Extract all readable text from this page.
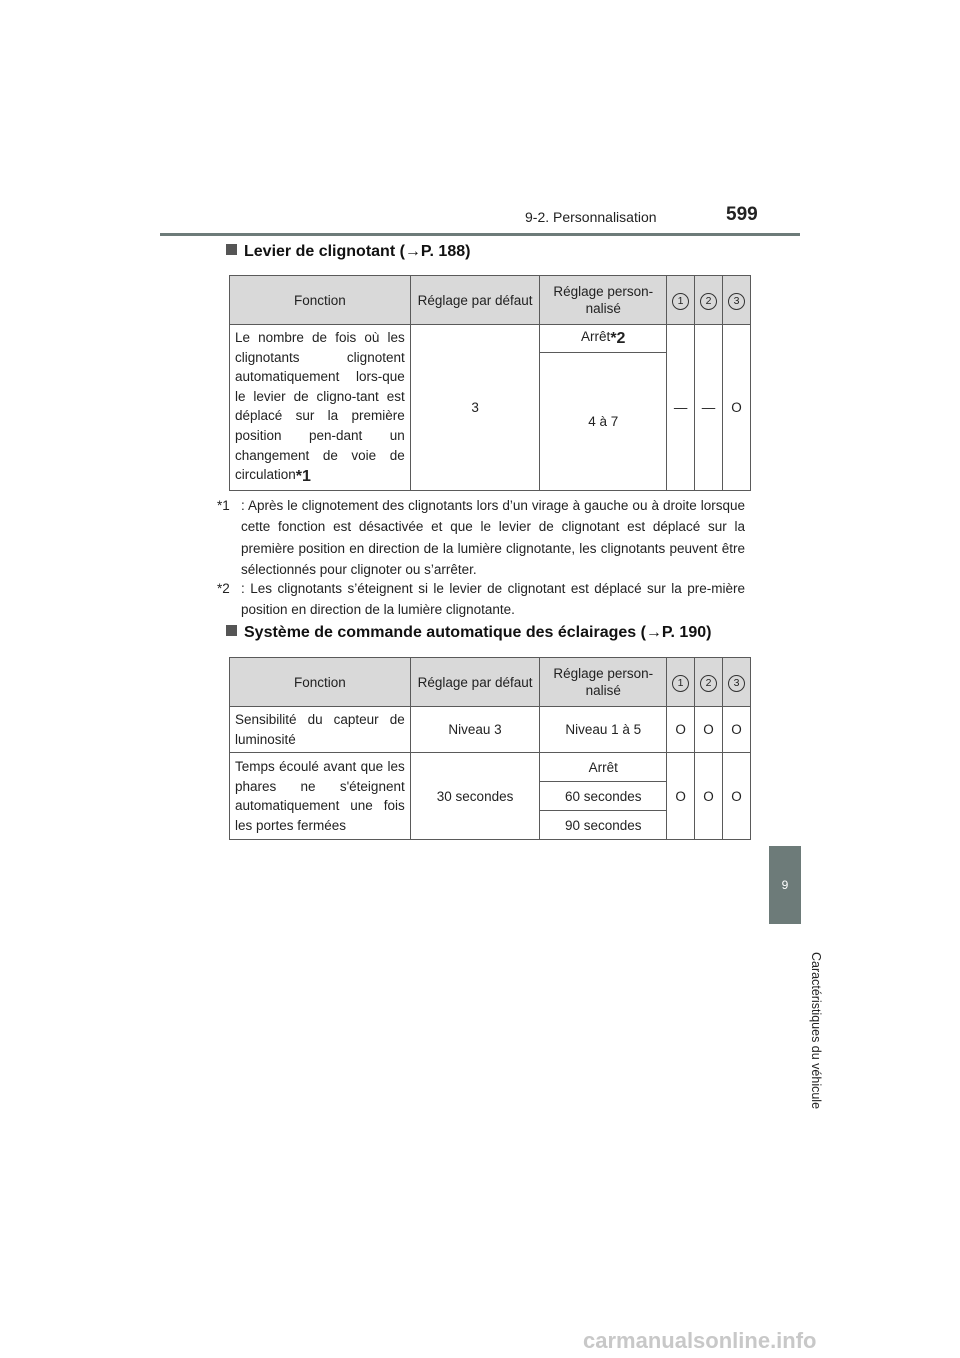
9-2. Personnalisation	599
9
Caractéristiques du véhicule
Levier de clignotant (→P. 188)
Fonction	Réglage par défaut	Réglage person-nalisé	1	2	3
Le nombre de fois où les clignotants clignotent automatiquement lors-que le levier de cligno-tant est déplacé sur la première position pen-dant un changement de voie de circulation$^{*1}$	3	Arrêt$^{*2}$	—	—	O
		4 à 7			
*1 : Après le clignotement des clignotants lors d’un virage à gauche ou à droite lorsque cette fonction est désactivée et que le levier de clignotant est déplacé sur la première position en direction de la lumière clignotante, les clignotants peuvent être sélectionnés pour clignoter ou s’arrêter.
*2 : Les clignotants s’éteignent si le levier de clignotant est déplacé sur la pre-mière position en direction de la lumière clignotante.
Système de commande automatique des éclairages (→P. 190)
Fonction	Réglage par défaut	Réglage person-nalisé	1	2	3
Sensibilité du capteur de luminosité	Niveau 3	Niveau 1 à 5	O	O	O
Temps écoulé avant que les phares ne s'éteignent automatiquement une fois les portes fermées	30 secondes	Arrêt	O	O	O
		60 secondes			
		90 secondes			
carmanualsonline.info
